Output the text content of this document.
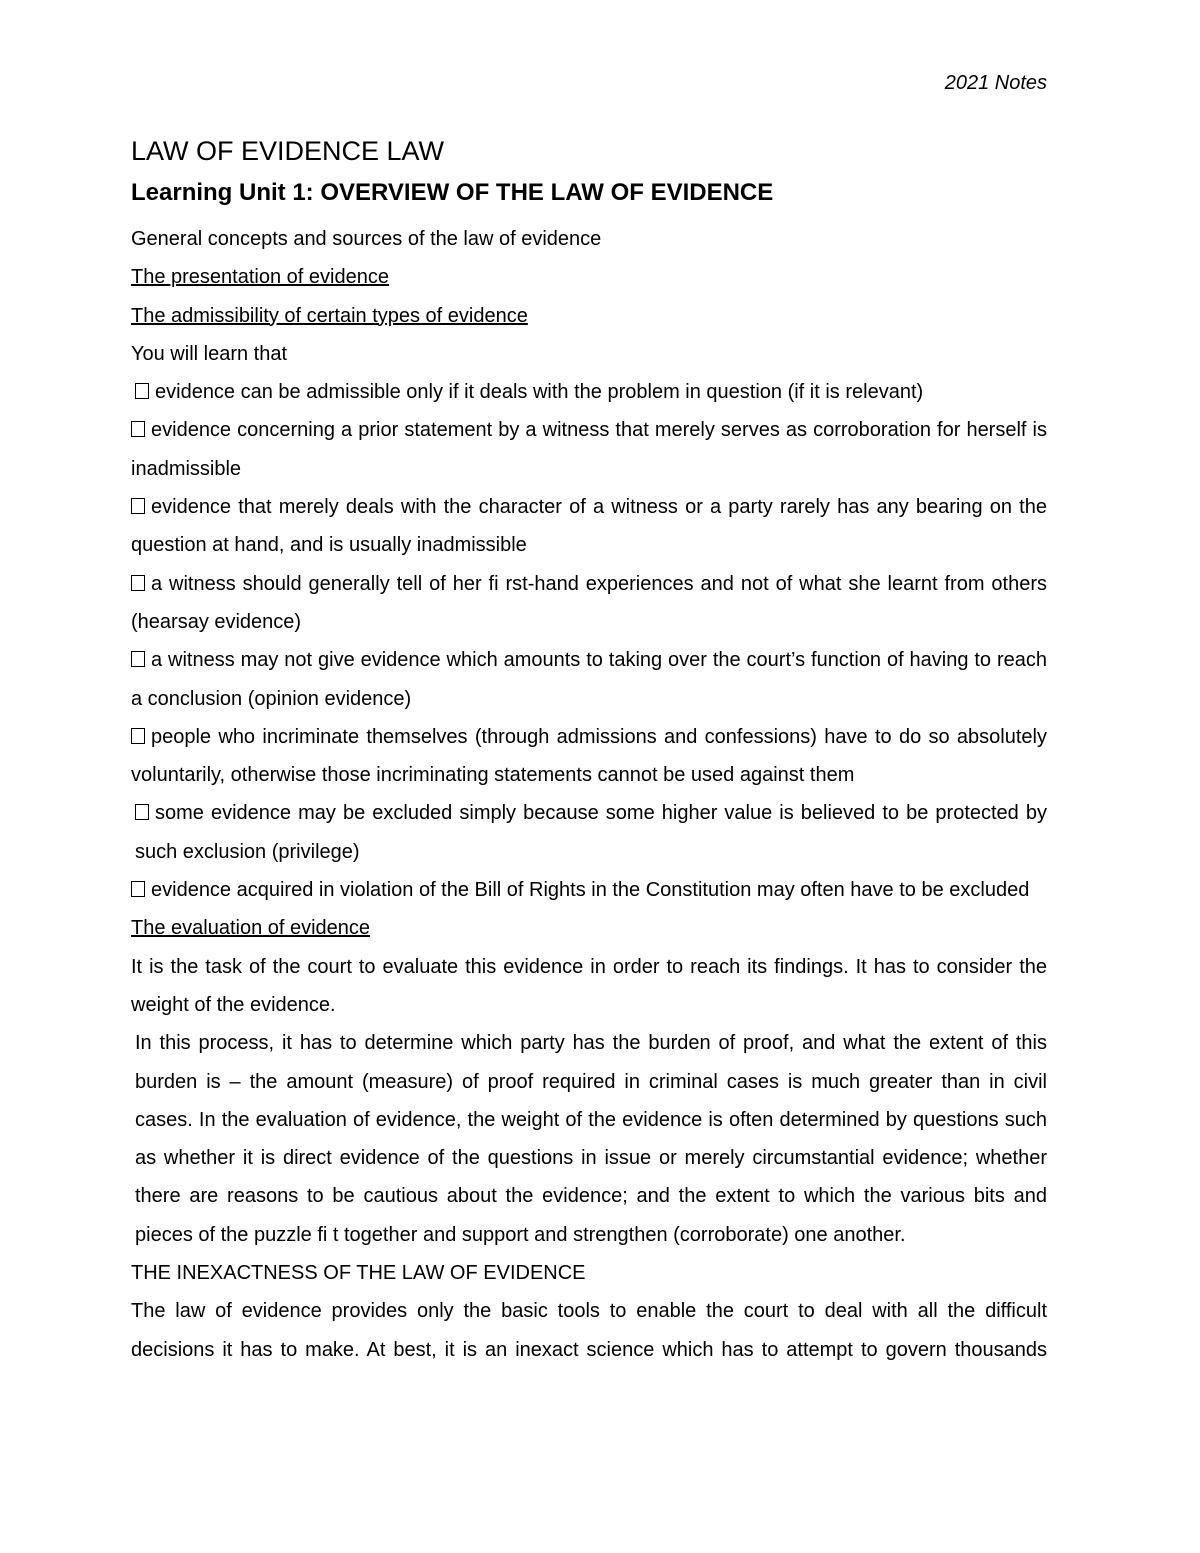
2021 Notes
LAW OF EVIDENCE LAW
Learning Unit 1: OVERVIEW OF THE LAW OF EVIDENCE

General concepts and sources of the law of evidence

The presentation of evidence

The admissibility of certain types of evidence

You will learn that

evidence can be admissible only if it deals with the problem in question (if it is relevant)

evidence concerning a prior statement by a witness that merely serves as corroboration for herself is inadmissible

evidence that merely deals with the character of a witness or a party rarely has any bearing on the question at hand, and is usually inadmissible

a witness should generally tell of her fi rst-hand experiences and not of what she learnt from others (hearsay evidence)

a witness may not give evidence which amounts to taking over the court’s function of having to reach a conclusion (opinion evidence)

people who incriminate themselves (through admissions and confessions) have to do so absolutely voluntarily, otherwise those incriminating statements cannot be used against them

some evidence may be excluded simply because some higher value is believed to be protected by such exclusion (privilege)

evidence acquired in violation of the Bill of Rights in the Constitution may often have to be excluded

The evaluation of evidence

It is the task of the court to evaluate this evidence in order to reach its findings. It has to consider the weight of the evidence.

In this process, it has to determine which party has the burden of proof, and what the extent of this burden is – the amount (measure) of proof required in criminal cases is much greater than in civil cases. In the evaluation of evidence, the weight of the evidence is often determined by questions such as whether it is direct evidence of the questions in issue or merely circumstantial evidence; whether there are reasons to be cautious about the evidence; and the extent to which the various bits and pieces of the puzzle fi t together and support and strengthen (corroborate) one another.

THE INEXACTNESS OF THE LAW OF EVIDENCE

The law of evidence provides only the basic tools to enable the court to deal with all the difficult decisions it has to make. At best, it is an inexact science which has to attempt to govern thousands
